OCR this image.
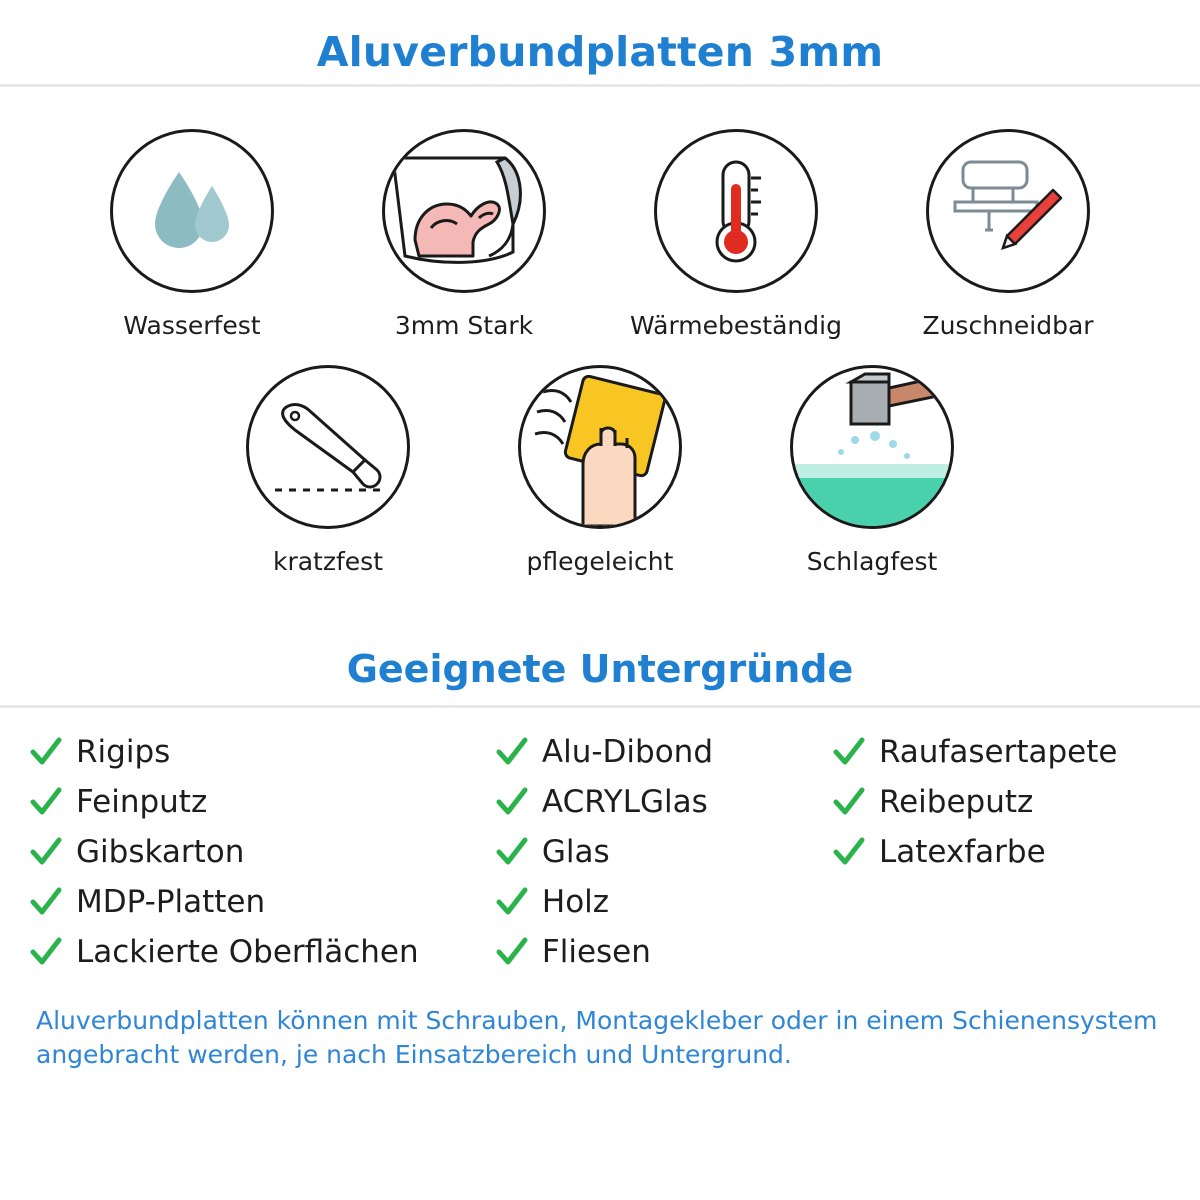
Aluverbundplatten 3mm
Wasserfest	3mm Stark	Wärmebeständig	Zuschneidbar
kratzfest	pflegeleicht	Schlagfest
Geeignete Untergründe
Rigips
Feinputz
Gibskarton
MDP-Platten
Lackierte Oberflächen
Alu-Dibond
ACRYLGlas
Glas
Holz
Fliesen
Raufasertapete
Reibeputz
Latexfarbe
Aluverbundplatten können mit Schrauben, Montagekleber oder in einem Schienensystem angebracht werden, je nach Einsatzbereich und Untergrund.
